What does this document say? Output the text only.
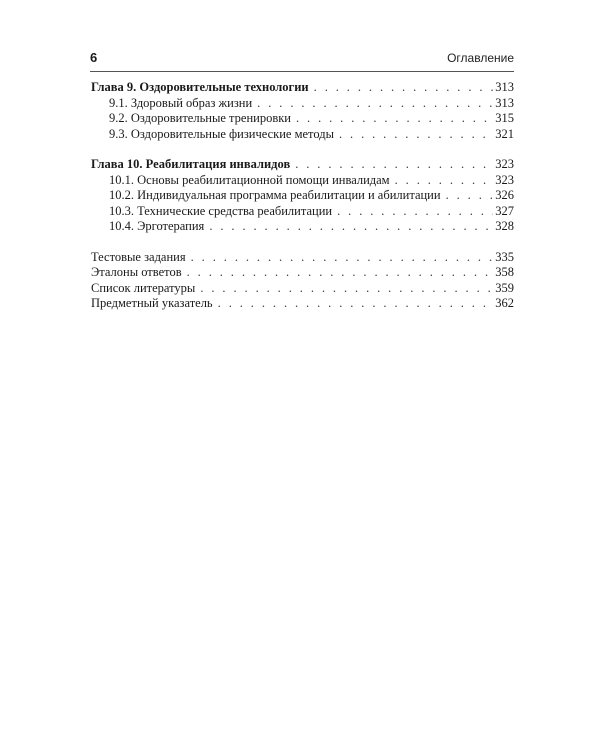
6	Оглавление
Глава 9. Оздоровительные технологии . . .	313
9.1. Здоровый образ жизни . . .	313
9.2. Оздоровительные тренировки . . .	315
9.3. Оздоровительные физические методы . . .	321
Глава 10. Реабилитация инвалидов . . .	323
10.1. Основы реабилитационной помощи инвалидам . . .	323
10.2. Индивидуальная программа реабилитации и абилитации . . .	326
10.3. Технические средства реабилитации . . .	327
10.4. Эрготерапия . . .	328
Тестовые задания . . .	335
Эталоны ответов . . .	358
Список литературы . . .	359
Предметный указатель . . .	362
